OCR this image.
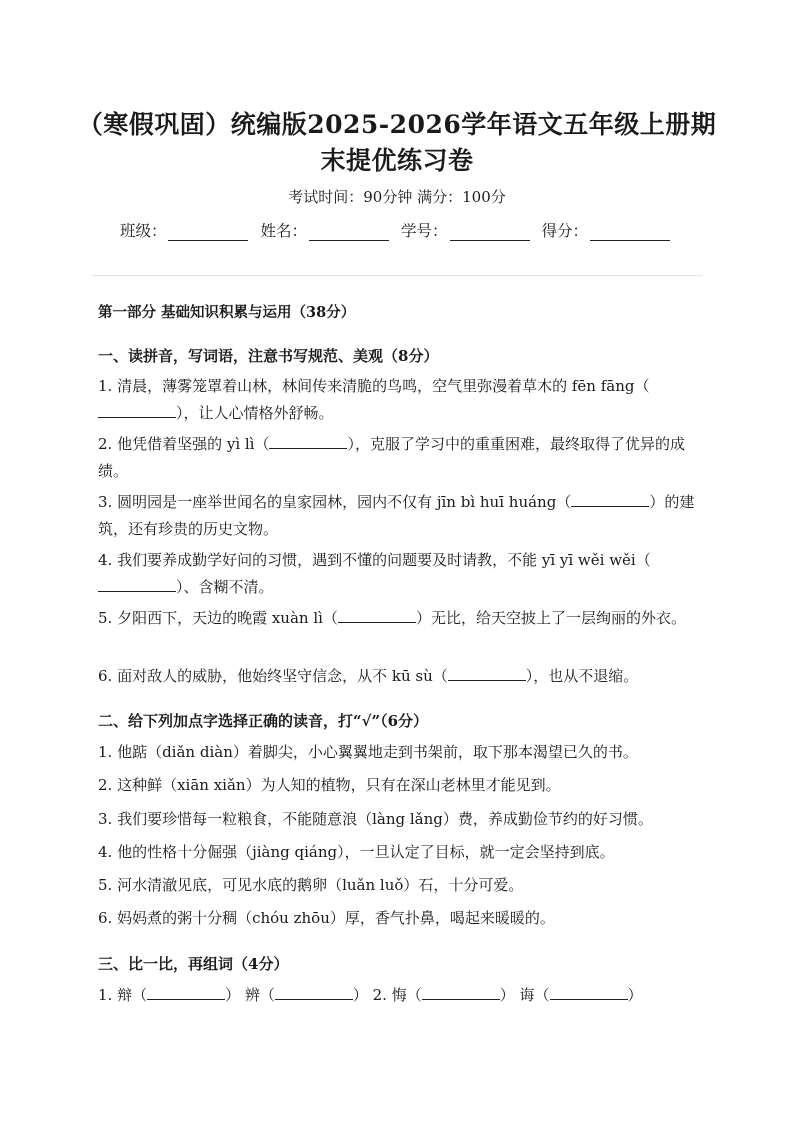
（寒假巩固）统编版2025-2026学年语文五年级上册期
末提优练习卷
考试时间：90分钟 满分：100分
班级：	姓名：	学号：	得分：
第一部分 基础知识积累与运用（38分）
一、读拼音，写词语，注意书写规范、美观（8分）
1. 清晨，薄雾笼罩着山林，林间传来清脆的鸟鸣，空气里弥漫着草木的 fēn fāng（），让人心情格外舒畅。
2. 他凭借着坚强的 yì lì（	），克服了学习中的重重困难，最终取得了优异的成绩。
3. 圆明园是一座举世闻名的皇家园林，园内不仅有 jīn bì huī huáng（	）的建筑，还有珍贵的历史文物。
4. 我们要养成勤学好问的习惯，遇到不懂的问题要及时请教，不能 yī yī wěi wěi（）、含糊不清。
5. 夕阳西下，天边的晚霞 xuàn lì（	）无比，给天空披上了一层绚丽的外衣。
6. 面对敌人的威胁，他始终坚守信念，从不 kū sù（	），也从不退缩。
二、给下列加点字选择正确的读音，打“√”（6分）
1. 他踮（diǎn diàn）着脚尖，小心翼翼地走到书架前，取下那本渴望已久的书。
2. 这种鲜（xiān xiǎn）为人知的植物，只有在深山老林里才能见到。
3. 我们要珍惜每一粒粮食，不能随意浪（làng lǎng）费，养成勤俭节约的好习惯。
4. 他的性格十分倔强（jiàng qiáng），一旦认定了目标，就一定会坚持到底。
5. 河水清澈见底，可见水底的鹅卵（luǎn luǒ）石，十分可爱。
6. 妈妈煮的粥十分稠（chóu zhōu）厚，香气扑鼻，喝起来暖暖的。
三、比一比，再组词（4分）
1. 辩（	） 辨（	） 2. 悔（	） 诲（	）
